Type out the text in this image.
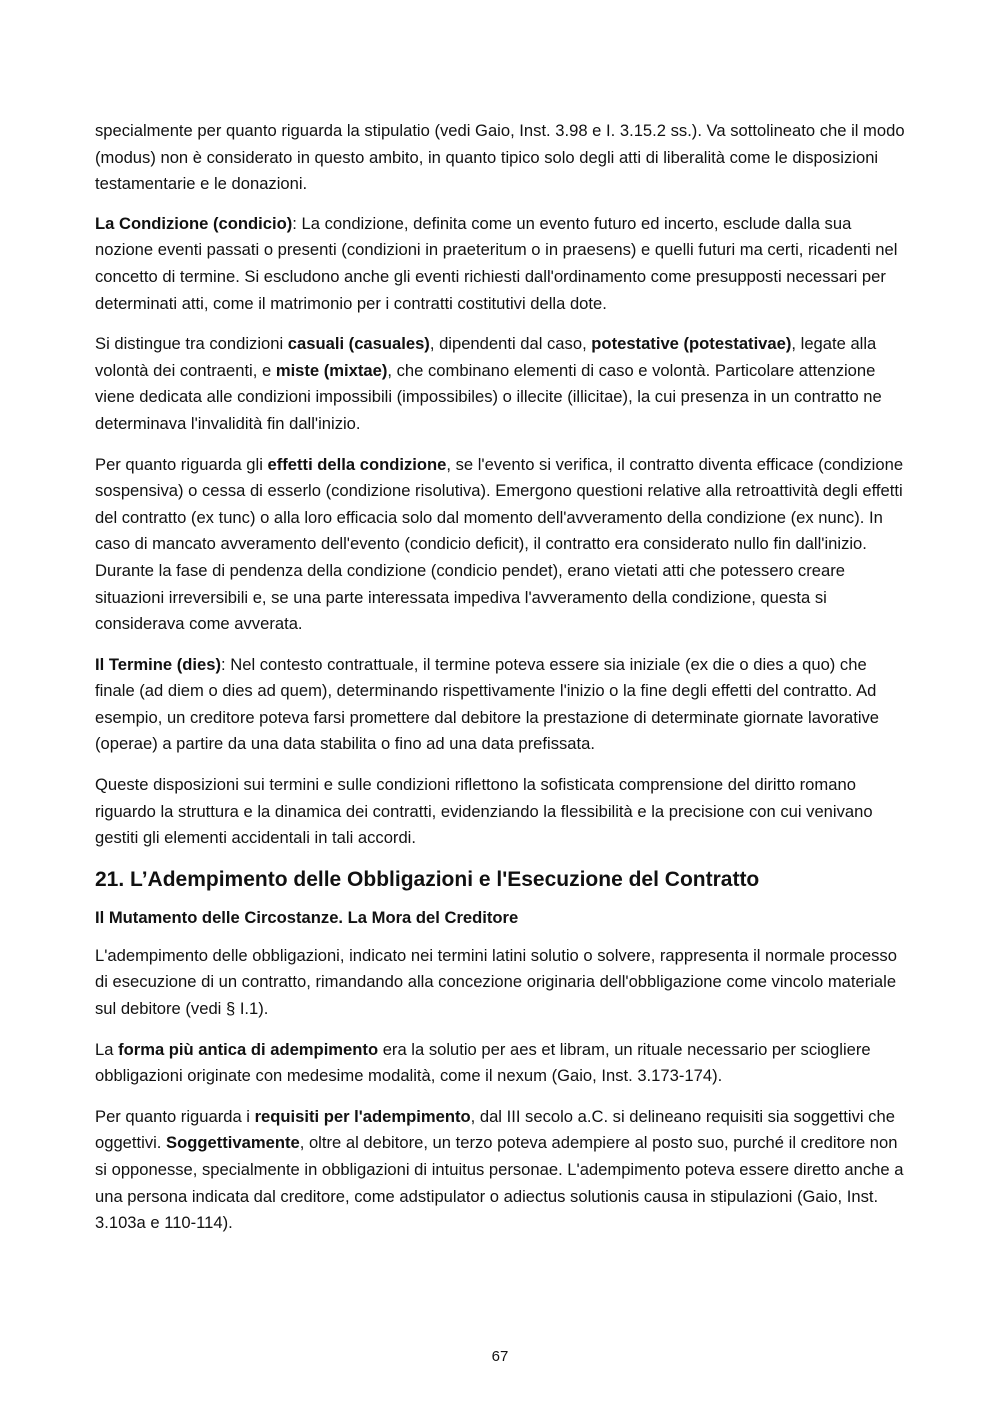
specialmente per quanto riguarda la stipulatio (vedi Gaio, Inst. 3.98 e I. 3.15.2 ss.). Va sottolineato che il modo (modus) non è considerato in questo ambito, in quanto tipico solo degli atti di liberalità come le disposizioni testamentarie e le donazioni.

La Condizione (condicio): La condizione, definita come un evento futuro ed incerto, esclude dalla sua nozione eventi passati o presenti (condizioni in praeteritum o in praesens) e quelli futuri ma certi, ricadenti nel concetto di termine. Si escludono anche gli eventi richiesti dall'ordinamento come presupposti necessari per determinati atti, come il matrimonio per i contratti costitutivi della dote.

Si distingue tra condizioni casuali (casuales), dipendenti dal caso, potestative (potestativae), legate alla volontà dei contraenti, e miste (mixtae), che combinano elementi di caso e volontà. Particolare attenzione viene dedicata alle condizioni impossibili (impossibiles) o illecite (illicitae), la cui presenza in un contratto ne determinava l'invalidità fin dall'inizio.

Per quanto riguarda gli effetti della condizione, se l'evento si verifica, il contratto diventa efficace (condizione sospensiva) o cessa di esserlo (condizione risolutiva). Emergono questioni relative alla retroattività degli effetti del contratto (ex tunc) o alla loro efficacia solo dal momento dell'avveramento della condizione (ex nunc). In caso di mancato avveramento dell'evento (condicio deficit), il contratto era considerato nullo fin dall'inizio. Durante la fase di pendenza della condizione (condicio pendet), erano vietati atti che potessero creare situazioni irreversibili e, se una parte interessata impediva l'avveramento della condizione, questa si considerava come avverata.

Il Termine (dies): Nel contesto contrattuale, il termine poteva essere sia iniziale (ex die o dies a quo) che finale (ad diem o dies ad quem), determinando rispettivamente l'inizio o la fine degli effetti del contratto. Ad esempio, un creditore poteva farsi promettere dal debitore la prestazione di determinate giornate lavorative (operae) a partire da una data stabilita o fino ad una data prefissata.

Queste disposizioni sui termini e sulle condizioni riflettono la sofisticata comprensione del diritto romano riguardo la struttura e la dinamica dei contratti, evidenziando la flessibilità e la precisione con cui venivano gestiti gli elementi accidentali in tali accordi.

21. L’Adempimento delle Obbligazioni e l'Esecuzione del Contratto
Il Mutamento delle Circostanze. La Mora del Creditore

L'adempimento delle obbligazioni, indicato nei termini latini solutio o solvere, rappresenta il normale processo di esecuzione di un contratto, rimandando alla concezione originaria dell'obbligazione come vincolo materiale sul debitore (vedi § I.1).

La forma più antica di adempimento era la solutio per aes et libram, un rituale necessario per sciogliere obbligazioni originate con medesime modalità, come il nexum (Gaio, Inst. 3.173-174).

Per quanto riguarda i requisiti per l'adempimento, dal III secolo a.C. si delineano requisiti sia soggettivi che oggettivi. Soggettivamente, oltre al debitore, un terzo poteva adempiere al posto suo, purché il creditore non si opponesse, specialmente in obbligazioni di intuitus personae. L'adempimento poteva essere diretto anche a una persona indicata dal creditore, come adstipulator o adiectus solutionis causa in stipulazioni (Gaio, Inst. 3.103a e 110-114).

67
